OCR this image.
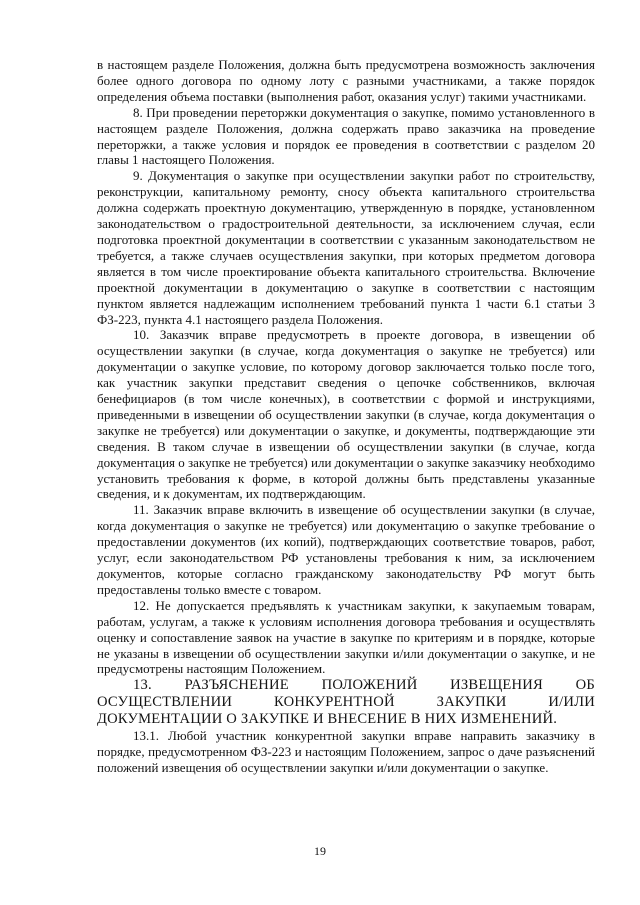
в настоящем разделе Положения, должна быть предусмотрена возможность заключения более одного договора по одному лоту с разными участниками, а также порядок определения объема поставки (выполнения работ, оказания услуг) такими участниками.

8. При проведении переторжки документация о закупке, помимо установленного в настоящем разделе Положения, должна содержать право заказчика на проведение переторжки, а также условия и порядок ее проведения в соответствии с разделом 20 главы 1 настоящего Положения.

9. Документация о закупке при осуществлении закупки работ по строительству, реконструкции, капитальному ремонту, сносу объекта капитального строительства должна содержать проектную документацию, утвержденную в порядке, установленном законодательством о градостроительной деятельности, за исключением случая, если подготовка проектной документации в соответствии с указанным законодательством не требуется, а также случаев осуществления закупки, при которых предметом договора является в том числе проектирование объекта капитального строительства. Включение проектной документации в документацию о закупке в соответствии с настоящим пунктом является надлежащим исполнением требований пункта 1 части 6.1 статьи 3 ФЗ-223, пункта 4.1 настоящего раздела Положения.

10. Заказчик вправе предусмотреть в проекте договора, в извещении об осуществлении закупки (в случае, когда документация о закупке не требуется) или документации о закупке условие, по которому договор заключается только после того, как участник закупки представит сведения о цепочке собственников, включая бенефициаров (в том числе конечных), в соответствии с формой и инструкциями, приведенными в извещении об осуществлении закупки (в случае, когда документация о закупке не требуется) или документации о закупке, и документы, подтверждающие эти сведения. В таком случае в извещении об осуществлении закупки (в случае, когда документация о закупке не требуется) или документации о закупке заказчику необходимо установить требования к форме, в которой должны быть представлены указанные сведения, и к документам, их подтверждающим.

11. Заказчик вправе включить в извещение об осуществлении закупки (в случае, когда документация о закупке не требуется) или документацию о закупке требование о предоставлении документов (их копий), подтверждающих соответствие товаров, работ, услуг, если законодательством РФ установлены требования к ним, за исключением документов, которые согласно гражданскому законодательству РФ могут быть предоставлены только вместе с товаром.

12. Не допускается предъявлять к участникам закупки, к закупаемым товарам, работам, услугам, а также к условиям исполнения договора требования и осуществлять оценку и сопоставление заявок на участие в закупке по критериям и в порядке, которые не указаны в извещении об осуществлении закупки и/или документации о закупке, и не предусмотрены настоящим Положением.

13. РАЗЪЯСНЕНИЕ ПОЛОЖЕНИЙ ИЗВЕЩЕНИЯ ОБ ОСУЩЕСТВЛЕНИИ КОНКУРЕНТНОЙ ЗАКУПКИ И/ИЛИ ДОКУМЕНТАЦИИ О ЗАКУПКЕ И ВНЕСЕНИЕ В НИХ ИЗМЕНЕНИЙ.

13.1. Любой участник конкурентной закупки вправе направить заказчику в порядке, предусмотренном ФЗ-223 и настоящим Положением, запрос о даче разъяснений положений извещения об осуществлении закупки и/или документации о закупке.

19
